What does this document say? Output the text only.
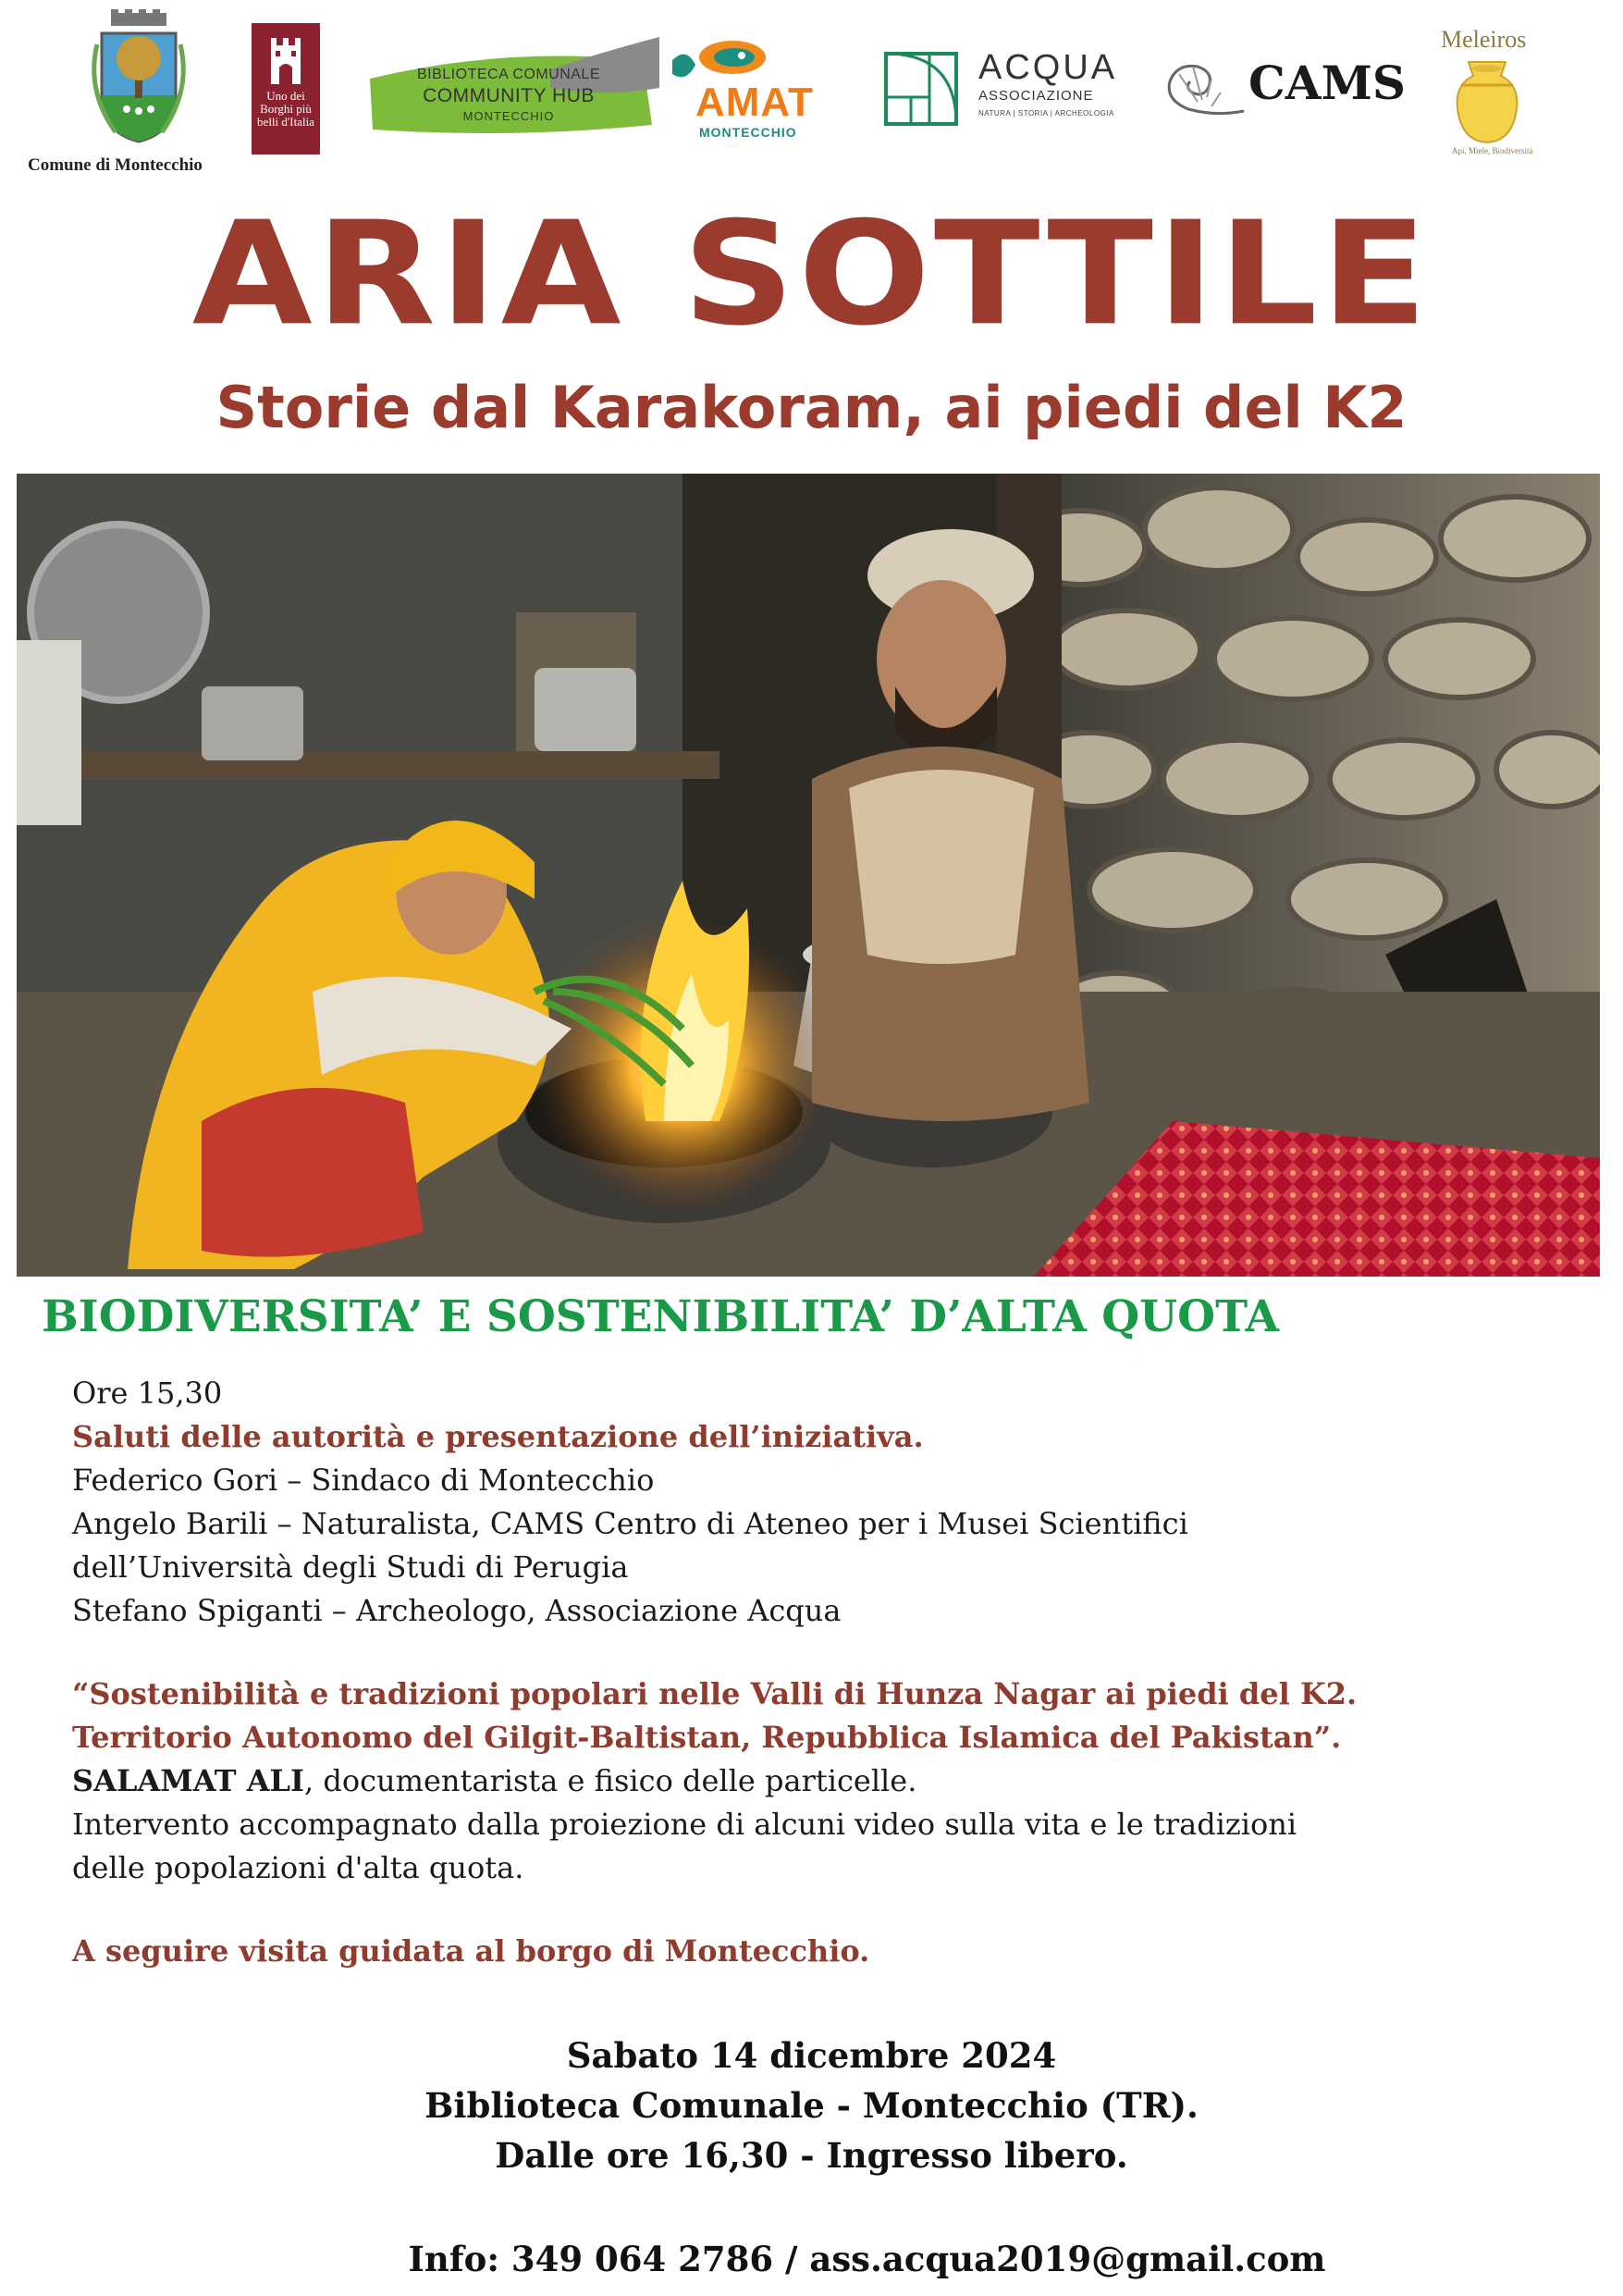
Comune di Montecchio
Uno dei Borghi più belli d'Italia
BIBLIOTECA COMUNALE
COMMUNITY HUB
MONTECCHIO	AMAT
MONTECCHIO
ACQUA
ASSOCIAZIONE
NATURA | STORIA | ARCHEOLOGIA
CAMS
Meleiros
Api, Miele, Biodiversità
ARIA SOTTILE
Storie dal Karakoram, ai piedi del K2
BIODIVERSITA’ E SOSTENIBILITA’ D’ALTA QUOTA
Ore 15,30
Saluti delle autorità e presentazione dell’iniziativa.
Federico Gori – Sindaco di Montecchio
Angelo Barili – Naturalista, CAMS Centro di Ateneo per i Musei Scientifici
dell’Università degli Studi di Perugia
Stefano Spiganti – Archeologo, Associazione Acqua
“Sostenibilità e tradizioni popolari nelle Valli di Hunza Nagar ai piedi del K2.
Territorio Autonomo del Gilgit-Baltistan, Repubblica Islamica del Pakistan”.
SALAMAT ALI, documentarista e fisico delle particelle.
Intervento accompagnato dalla proiezione di alcuni video sulla vita e le tradizioni
delle popolazioni d'alta quota.
A seguire visita guidata al borgo di Montecchio.
Sabato 14 dicembre 2024
Biblioteca Comunale - Montecchio (TR).
Dalle ore 16,30 - Ingresso libero.
Info: 349 064 2786 / ass.acqua2019@gmail.com
